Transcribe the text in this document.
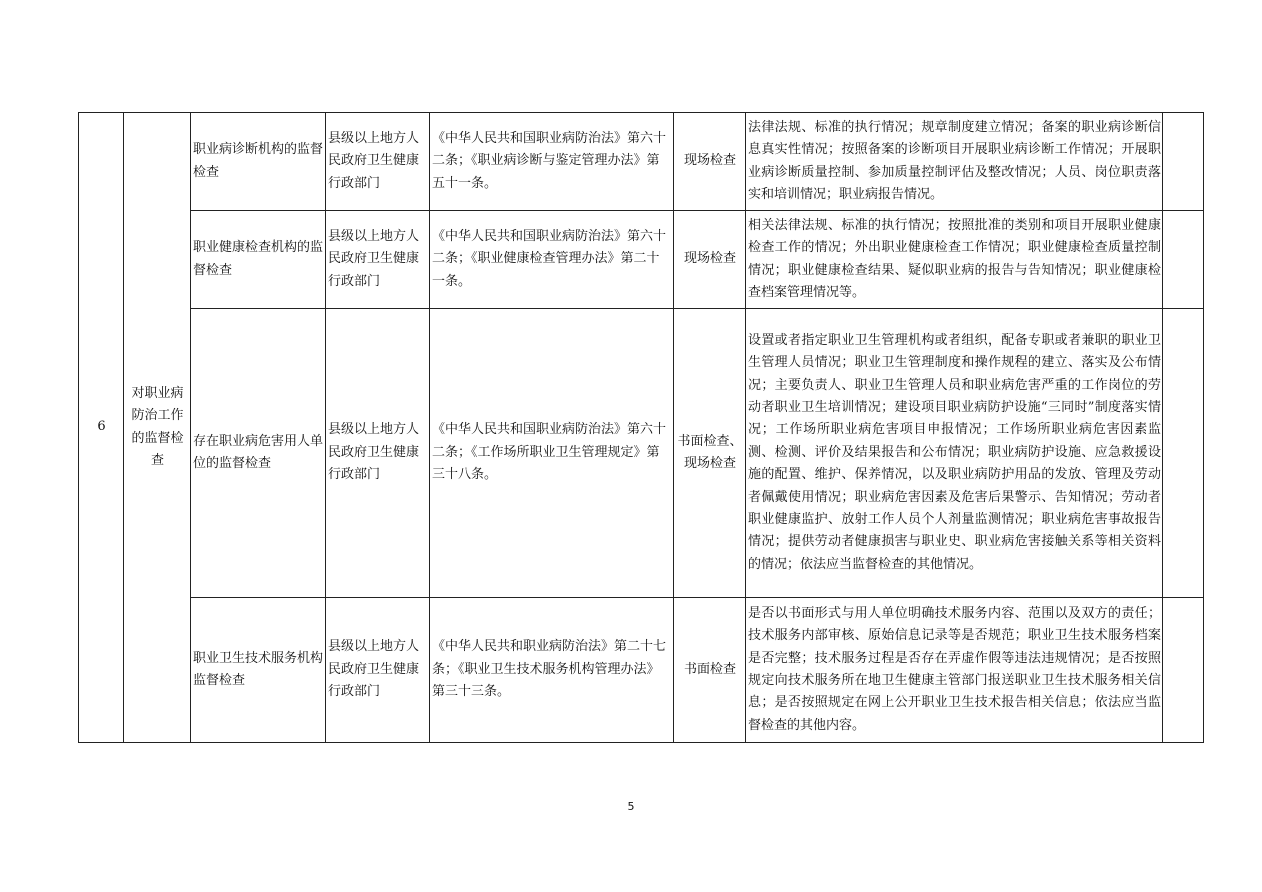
6	对职业病防治工作的监督检查	职业病诊断机构的监督检查	县级以上地方人民政府卫生健康行政部门	《中华人民共和国职业病防治法》第六十二条；《职业病诊断与鉴定管理办法》第五十一条。	现场检查	法律法规、标准的执行情况；规章制度建立情况；备案的职业病诊断信息真实性情况；按照备案的诊断项目开展职业病诊断工作情况；开展职业病诊断质量控制、参加质量控制评估及整改情况；人员、岗位职责落实和培训情况；职业病报告情况。	
		职业健康检查机构的监督检查	县级以上地方人民政府卫生健康行政部门	《中华人民共和国职业病防治法》第六十二条；《职业健康检查管理办法》第二十一条。	现场检查	相关法律法规、标准的执行情况；按照批准的类别和项目开展职业健康检查工作的情况；外出职业健康检查工作情况；职业健康检查质量控制情况；职业健康检查结果、疑似职业病的报告与告知情况；职业健康检查档案管理情况等。	
		存在职业病危害用人单位的监督检查	县级以上地方人民政府卫生健康行政部门	《中华人民共和国职业病防治法》第六十二条；《工作场所职业卫生管理规定》第三十八条。	书面检查、现场检查	设置或者指定职业卫生管理机构或者组织，配备专职或者兼职的职业卫生管理人员情况；职业卫生管理制度和操作规程的建立、落实及公布情况；主要负责人、职业卫生管理人员和职业病危害严重的工作岗位的劳动者职业卫生培训情况；建设项目职业病防护设施“三同时”制度落实情况；工作场所职业病危害项目申报情况；工作场所职业病危害因素监测、检测、评价及结果报告和公布情况；职业病防护设施、应急救援设施的配置、维护、保养情况，以及职业病防护用品的发放、管理及劳动者佩戴使用情况；职业病危害因素及危害后果警示、告知情况；劳动者职业健康监护、放射工作人员个人剂量监测情况；职业病危害事故报告情况；提供劳动者健康损害与职业史、职业病危害接触关系等相关资料的情况；依法应当监督检查的其他情况。	
		职业卫生技术服务机构监督检查	县级以上地方人民政府卫生健康行政部门	《中华人民共和职业病防治法》第二十七条；《职业卫生技术服务机构管理办法》第三十三条。	书面检查	是否以书面形式与用人单位明确技术服务内容、范围以及双方的责任；技术服务内部审核、原始信息记录等是否规范；职业卫生技术服务档案是否完整；技术服务过程是否存在弄虚作假等违法违规情况；是否按照规定向技术服务所在地卫生健康主管部门报送职业卫生技术服务相关信息；是否按照规定在网上公开职业卫生技术报告相关信息；依法应当监督检查的其他内容。	
5
